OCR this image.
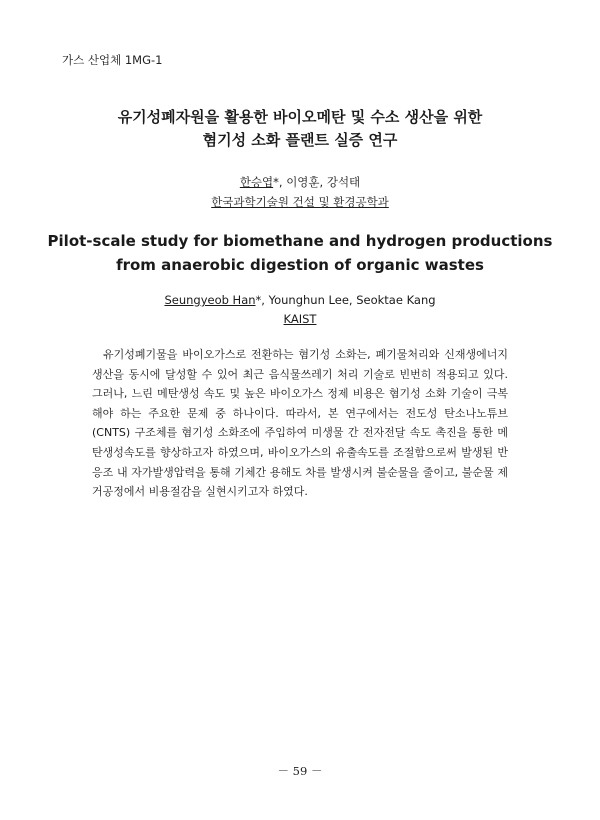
가스 산업체 1MG-1
유기성폐자원을 활용한 바이오메탄 및 수소 생산을 위한
혐기성 소화 플랜트 실증 연구
한승엽*, 이영훈, 강석태
한국과학기술원 건설 및 환경공학과
Pilot-scale study for biomethane and hydrogen productions
from anaerobic digestion of organic wastes
Seungyeob Han*, Younghun Lee, Seoktae Kang
KAIST
유기성폐기물을 바이오가스로 전환하는 혐기성 소화는, 폐기물처리와 신재생에너지 생산을 동시에 달성할 수 있어 최근 음식물쓰레기 처리 기술로 빈번히 적용되고 있다. 그러나, 느린 메탄생성 속도 및 높은 바이오가스 정제 비용은 혐기성 소화 기술이 극복해야 하는 주요한 문제 중 하나이다. 따라서, 본 연구에서는 전도성 탄소나노튜브(CNTS) 구조체를 혐기성 소화조에 주입하여 미생물 간 전자전달 속도 촉진을 통한 메탄생성속도를 향상하고자 하였으며, 바이오가스의 유출속도를 조절함으로써 발생된 반응조 내 자가발생압력을 통해 기체간 용해도 차를 발생시켜 불순물을 줄이고, 불순물 제거공정에서 비용절감을 실현시키고자 하였다.
－ 59 －
